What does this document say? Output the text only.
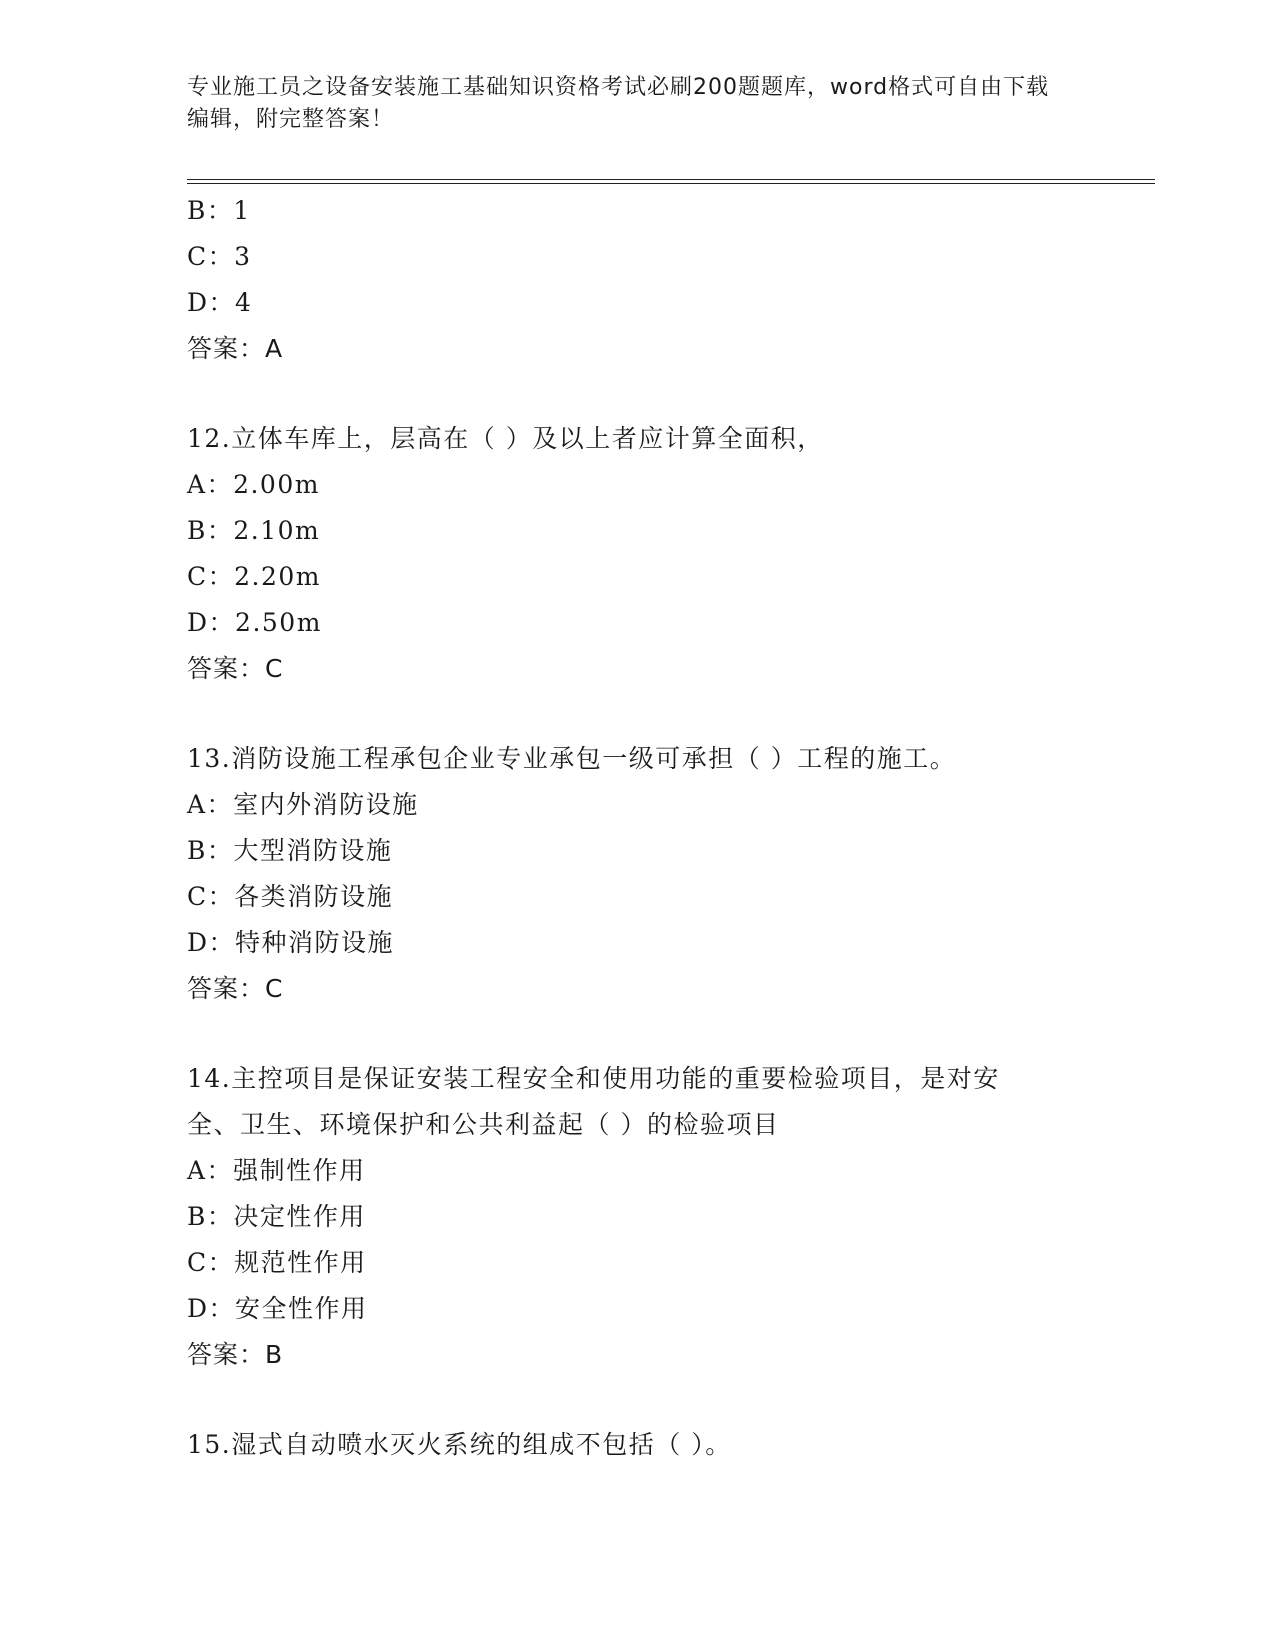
专业施工员之设备安装施工基础知识资格考试必刷200题题库，word格式可自由下载编辑，附完整答案！
B：1
C：3
D：4
答案：A
12.立体车库上，层高在（ ）及以上者应计算全面积，
A：2.00m
B：2.10m
C：2.20m
D：2.50m
答案：C
13.消防设施工程承包企业专业承包一级可承担（ ）工程的施工。
A：室内外消防设施
B：大型消防设施
C：各类消防设施
D：特种消防设施
答案：C
14.主控项目是保证安装工程安全和使用功能的重要检验项目，是对安
全、卫生、环境保护和公共利益起（ ）的检验项目
A：强制性作用
B：决定性作用
C：规范性作用
D：安全性作用
答案：B
15.湿式自动喷水灭火系统的组成不包括（ ）。
